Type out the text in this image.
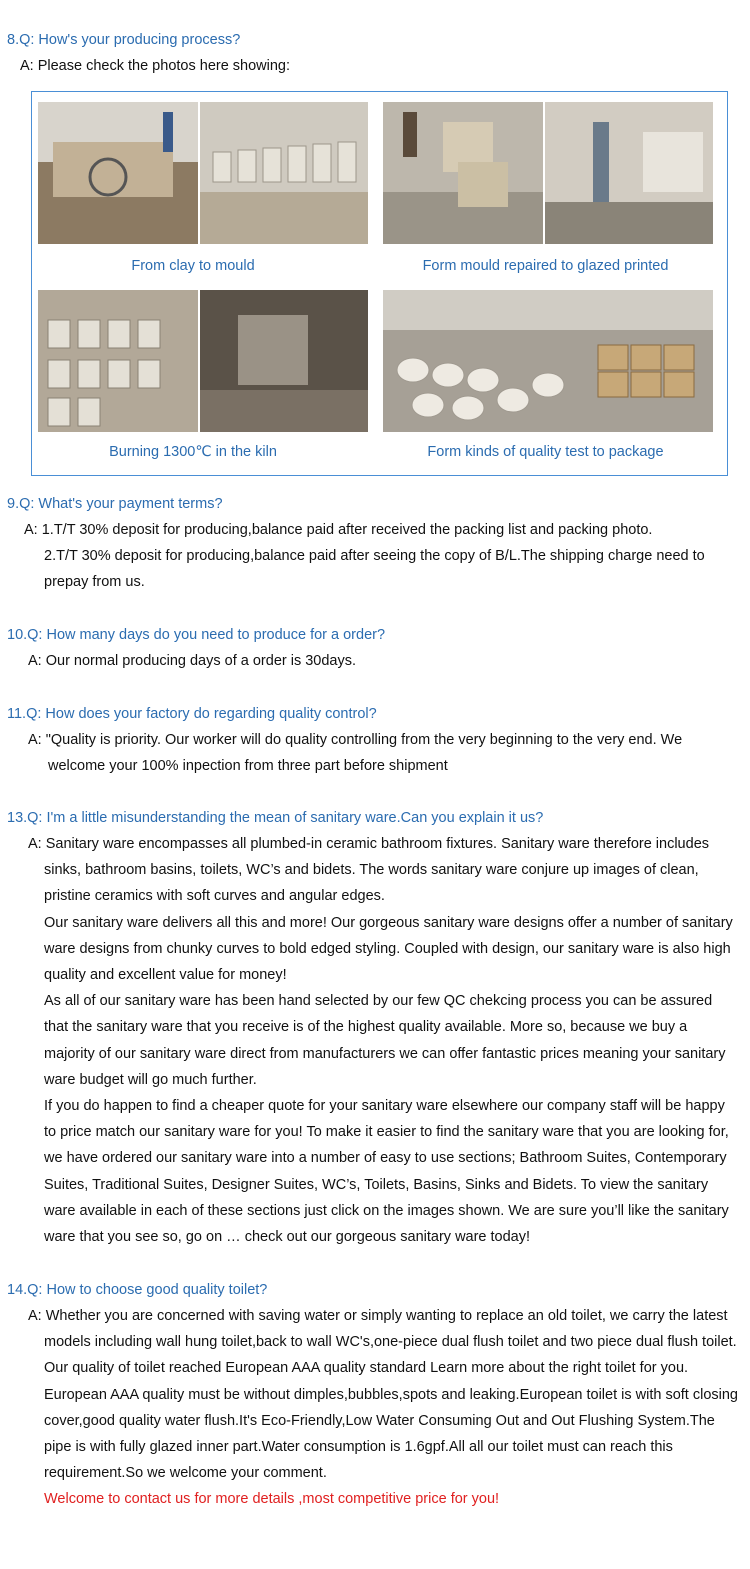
8.Q: How's your producing process?
A: Please check the photos here showing:
From clay to mould	Form mould repaired to glazed printed
Burning 1300℃ in the kiln	Form kinds of quality test to package
9.Q: What's your payment terms?

A: 1.T/T 30% deposit for producing,balance paid after received the packing list and packing photo.

2.T/T 30% deposit for producing,balance paid after seeing the copy of B/L.The shipping charge need to prepay from us.

10.Q: How many days do you need to produce for a order?
A: Our normal producing days of a order is 30days.
11.Q: How does your factory do regarding quality control?

A: "Quality is priority. Our worker will do quality controlling from the very beginning to the very end. We welcome your 100% inpection from three part before shipment

13.Q: I'm a little misunderstanding the mean of sanitary ware.Can you explain it us?

A: Sanitary ware encompasses all plumbed-in ceramic bathroom fixtures. Sanitary ware therefore includes sinks, bathroom basins, toilets, WC’s and bidets. The words sanitary ware conjure up images of clean, pristine ceramics with soft curves and angular edges.

Our sanitary ware delivers all this and more! Our gorgeous sanitary ware designs offer a number of sanitary ware designs from chunky curves to bold edged styling. Coupled with design, our sanitary ware is also high quality and excellent value for money!

As all of our sanitary ware has been hand selected by our few QC chekcing process you can be assured that the sanitary ware that you receive is of the highest quality available. More so, because we buy a majority of our sanitary ware direct from manufacturers we can offer fantastic prices meaning your sanitary ware budget will go much further.

If you do happen to find a cheaper quote for your sanitary ware elsewhere our company staff will be happy to price match our sanitary ware for you! To make it easier to find the sanitary ware that you are looking for, we have ordered our sanitary ware into a number of easy to use sections; Bathroom Suites, Contemporary Suites, Traditional Suites, Designer Suites, WC’s, Toilets, Basins, Sinks and Bidets. To view the sanitary ware available in each of these sections just click on the images shown. We are sure you’ll like the sanitary ware that you see so, go on … check out our gorgeous sanitary ware today!

14.Q: How to choose good quality toilet?

A: Whether you are concerned with saving water or simply wanting to replace an old toilet, we carry the latest models including wall hung toilet,back to wall WC's,one-piece dual flush toilet and two piece dual flush toilet. Our quality of toilet reached European AAA quality standard Learn more about the right toilet for you.

European AAA quality must be without dimples,bubbles,spots and leaking.European toilet is with soft closing cover,good quality water flush.It's Eco-Friendly,Low Water Consuming Out and Out Flushing System.The pipe is with fully glazed inner part.Water consumption is 1.6gpf.All all our toilet must can reach this requirement.So we welcome your comment.

Welcome to contact us for more details ,most competitive price for you!
